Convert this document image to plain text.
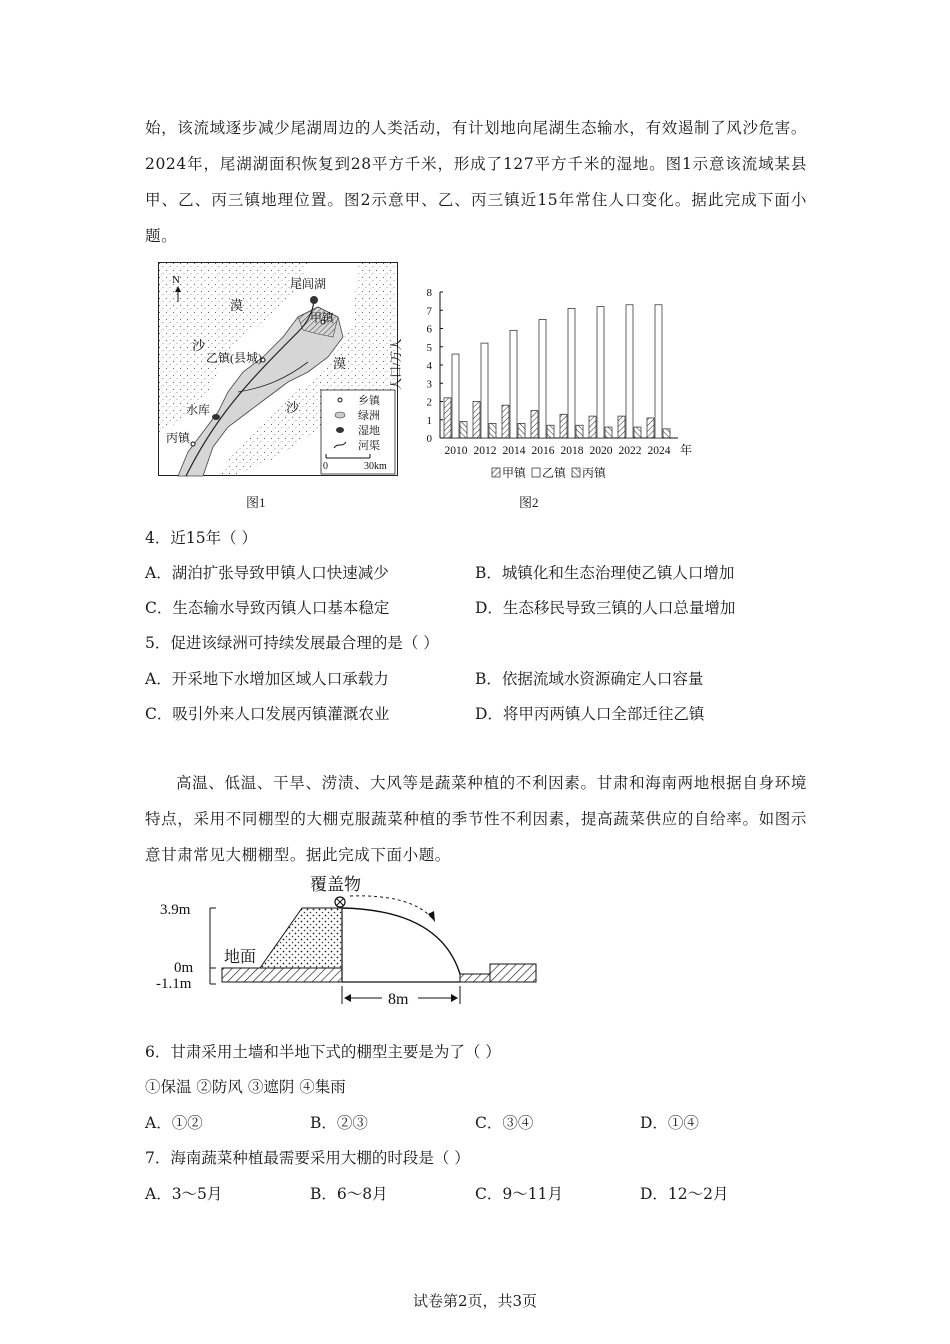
始，该流域逐步减少尾湖周边的人类活动，有计划地向尾湖生态输水，有效遏制了风沙危害。2024年，尾湖湖面积恢复到28平方千米，形成了127平方千米的湿地。图1示意该流域某县甲、乙、丙三镇地理位置。图2示意甲、乙、丙三镇近15年常住人口变化。据此完成下面小题。

N	尾闾湖
甲镇
乙镇(县城)
丙镇
水库
漠
漠
沙
沙	乡镇
绿洲
湿地
河渠
0	30km

图1

2010 2012 2014 2016 2018 2020 2022 2024
0
1
2
3
4
5
6
7
8
人口/万人
年
甲镇 乙镇 丙镇

图2

4．近15年（ ）

A．湖泊扩张导致甲镇人口快速减少	B．城镇化和生态治理使乙镇人口增加

C．生态输水导致丙镇人口基本稳定	D．生态移民导致三镇的人口总量增加

5．促进该绿洲可持续发展最合理的是（ ）

A．开采地下水增加区域人口承载力	B．依据流域水资源确定人口容量

C．吸引外来人口发展丙镇灌溉农业	D．将甲丙两镇人口全部迁往乙镇

高温、低温、干旱、涝渍、大风等是蔬菜种植的不利因素。甘肃和海南两地根据自身环境特点，采用不同棚型的大棚克服蔬菜种植的季节性不利因素，提高蔬菜供应的自给率。如图示意甘肃常见大棚棚型。据此完成下面小题。

3.9m
0m
-1.1m
地面
覆盖物
8m

6．甘肃采用土墙和半地下式的棚型主要是为了（ ）

①保温 ②防风 ③遮阴 ④集雨

A．①②	B．②③	C．③④	D．①④

7．海南蔬菜种植最需要采用大棚的时段是（ ）

A．3～5月	B．6～8月	C．9～11月	D．12～2月

试卷第2页，共3页
